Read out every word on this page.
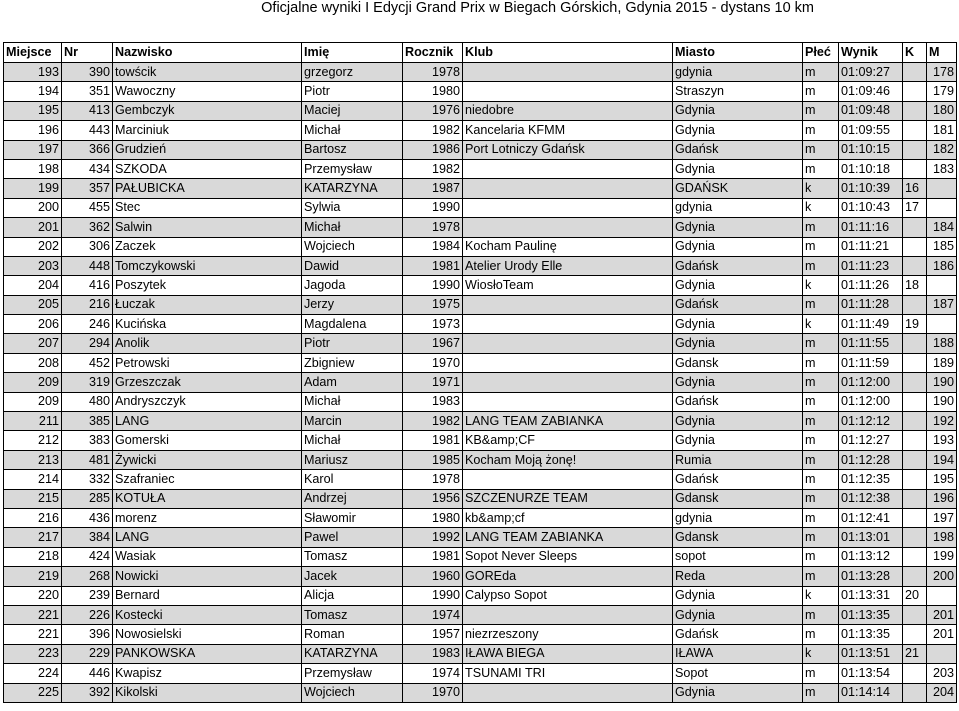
Oficjalne wyniki I Edycji Grand Prix w Biegach Górskich, Gdynia 2015 - dystans 10 km
Miejsce	Nr	Nazwisko	Imię	Rocznik	Klub	Miasto	Płeć	Wynik	K	M
193	390	towścik	grzegorz	1978		gdynia	m	01:09:27		178
194	351	Wawoczny	Piotr	1980		Straszyn	m	01:09:46		179
195	413	Gembczyk	Maciej	1976	niedobre	Gdynia	m	01:09:48		180
196	443	Marciniuk	Michał	1982	Kancelaria KFMM	Gdynia	m	01:09:55		181
197	366	Grudzień	Bartosz	1986	Port Lotniczy Gdańsk	Gdańsk	m	01:10:15		182
198	434	SZKODA	Przemysław	1982		Gdynia	m	01:10:18		183
199	357	PAŁUBICKA	KATARZYNA	1987		GDAŃSK	k	01:10:39	16	
200	455	Stec	Sylwia	1990		gdynia	k	01:10:43	17	
201	362	Salwin	Michał	1978		Gdynia	m	01:11:16		184
202	306	Zaczek	Wojciech	1984	Kocham Paulinę	Gdynia	m	01:11:21		185
203	448	Tomczykowski	Dawid	1981	Atelier Urody Elle	Gdańsk	m	01:11:23		186
204	416	Poszytek	Jagoda	1990	WiosłoTeam	Gdynia	k	01:11:26	18	
205	216	Łuczak	Jerzy	1975		Gdańsk	m	01:11:28		187
206	246	Kucińska	Magdalena	1973		Gdynia	k	01:11:49	19	
207	294	Anolik	Piotr	1967		Gdynia	m	01:11:55		188
208	452	Petrowski	Zbigniew	1970		Gdansk	m	01:11:59		189
209	319	Grzeszczak	Adam	1971		Gdynia	m	01:12:00		190
209	480	Andryszczyk	Michał	1983		Gdańsk	m	01:12:00		190
211	385	LANG	Marcin	1982	LANG TEAM ZABIANKA	Gdynia	m	01:12:12		192
212	383	Gomerski	Michał	1981	KB&amp;CF	Gdynia	m	01:12:27		193
213	481	Żywicki	Mariusz	1985	Kocham Moją żonę!	Rumia	m	01:12:28		194
214	332	Szafraniec	Karol	1978		Gdańsk	m	01:12:35		195
215	285	KOTUŁA	Andrzej	1956	SZCZENURZE TEAM	Gdansk	m	01:12:38		196
216	436	morenz	Sławomir	1980	kb&amp;cf	gdynia	m	01:12:41		197
217	384	LANG	Pawel	1992	LANG TEAM ZABIANKA	Gdansk	m	01:13:01		198
218	424	Wasiak	Tomasz	1981	Sopot Never Sleeps	sopot	m	01:13:12		199
219	268	Nowicki	Jacek	1960	GOREda	Reda	m	01:13:28		200
220	239	Bernard	Alicja	1990	Calypso Sopot	Gdynia	k	01:13:31	20	
221	226	Kostecki	Tomasz	1974		Gdynia	m	01:13:35		201
221	396	Nowosielski	Roman	1957	niezrzeszony	Gdańsk	m	01:13:35		201
223	229	PANKOWSKA	KATARZYNA	1983	IŁAWA BIEGA	IŁAWA	k	01:13:51	21	
224	446	Kwapisz	Przemysław	1974	TSUNAMI TRI	Sopot	m	01:13:54		203
225	392	Kikolski	Wojciech	1970		Gdynia	m	01:14:14		204
